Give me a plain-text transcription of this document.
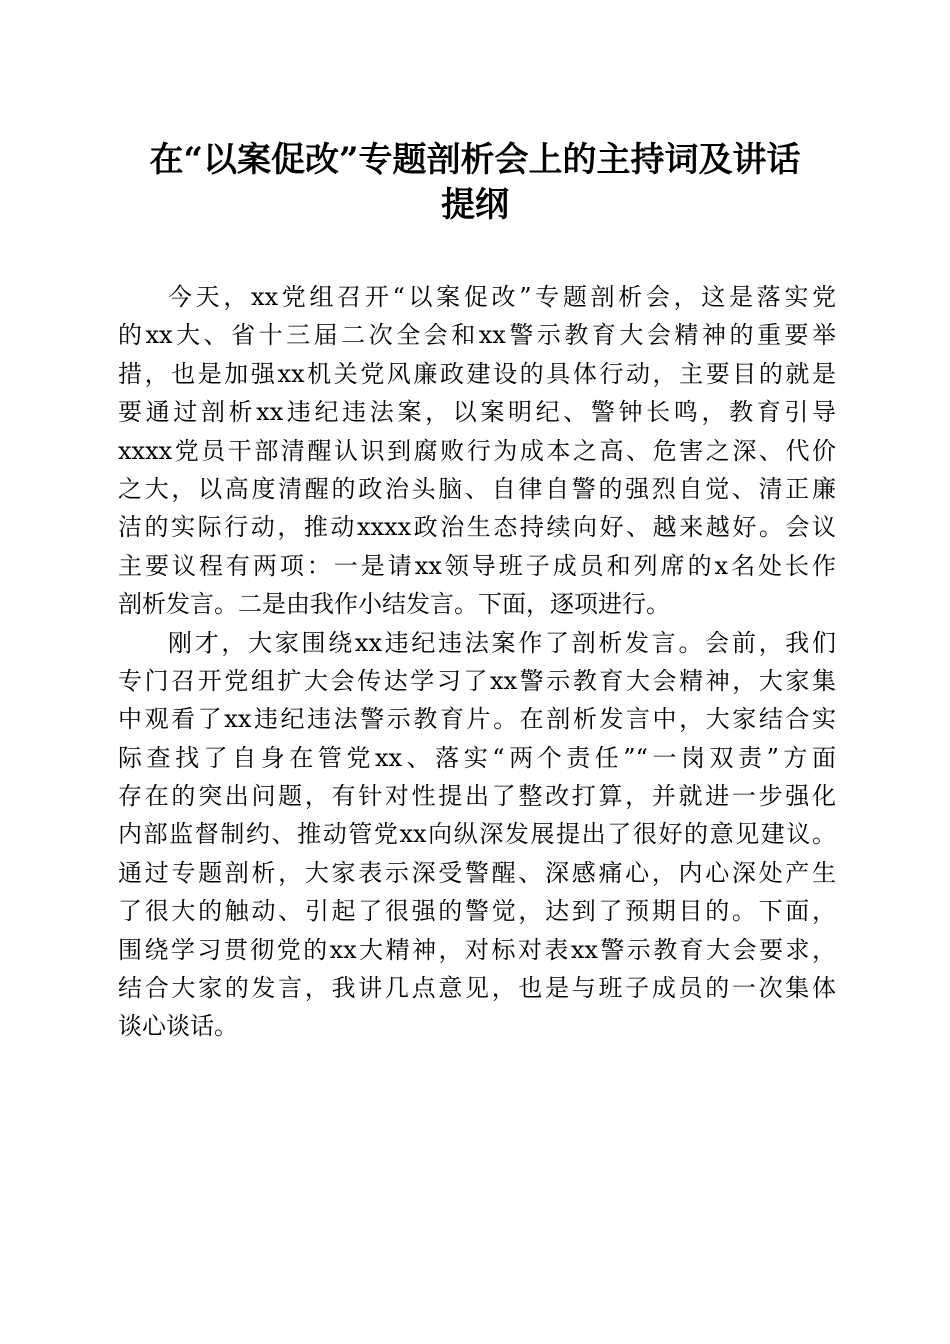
在“以案促改”专题剖析会上的主持词及讲话
提纲
今天，xx党组召开“以案促改”专题剖析会，这是落实党
的xx大、省十三届二次全会和xx警示教育大会精神的重要举
措，也是加强xx机关党风廉政建设的具体行动，主要目的就是
要通过剖析xx违纪违法案，以案明纪、警钟长鸣，教育引导
xxxx党员干部清醒认识到腐败行为成本之高、危害之深、代价
之大，以高度清醒的政治头脑、自律自警的强烈自觉、清正廉
洁的实际行动，推动xxxx政治生态持续向好、越来越好。会议
主要议程有两项：一是请xx领导班子成员和列席的x名处长作
剖析发言。二是由我作小结发言。下面，逐项进行。
刚才，大家围绕xx违纪违法案作了剖析发言。会前，我们
专门召开党组扩大会传达学习了xx警示教育大会精神，大家集
中观看了xx违纪违法警示教育片。在剖析发言中，大家结合实
际查找了自身在管党xx、落实“两个责任”“一岗双责”方面
存在的突出问题，有针对性提出了整改打算，并就进一步强化
内部监督制约、推动管党xx向纵深发展提出了很好的意见建议。
通过专题剖析，大家表示深受警醒、深感痛心，内心深处产生
了很大的触动、引起了很强的警觉，达到了预期目的。下面，
围绕学习贯彻党的xx大精神，对标对表xx警示教育大会要求，
结合大家的发言，我讲几点意见，也是与班子成员的一次集体
谈心谈话。
